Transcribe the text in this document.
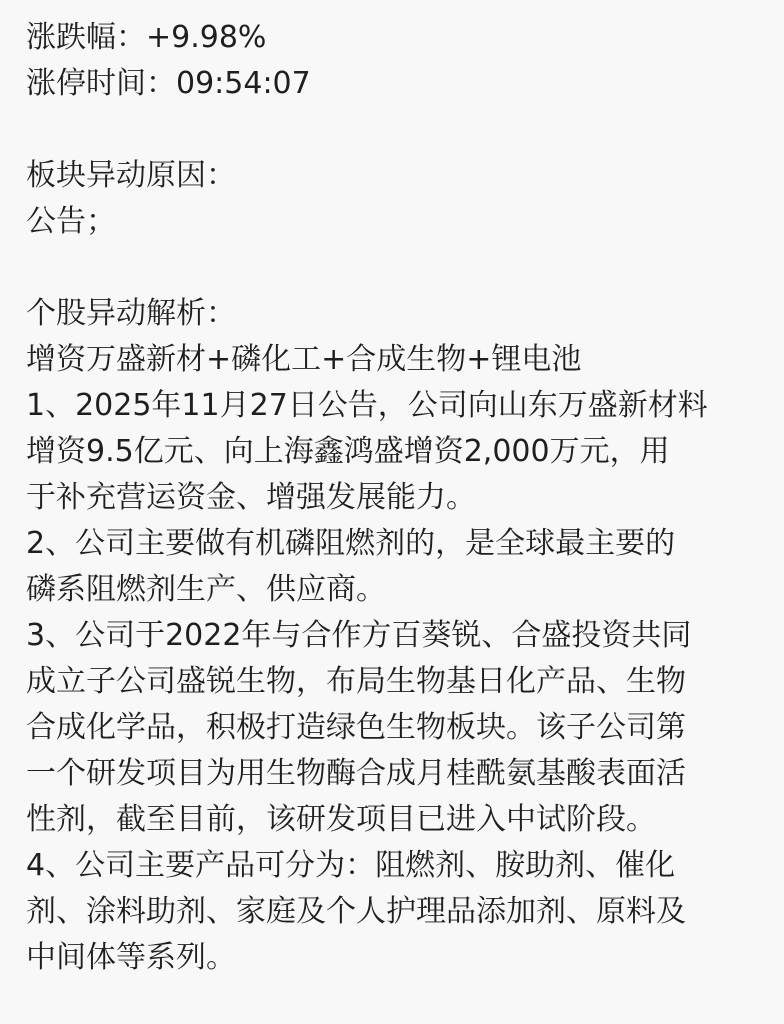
涨跌幅：+9.98%
涨停时间：09:54:07
板块异动原因：
公告；
个股异动解析：
增资万盛新材+磷化工+合成生物+锂电池
1、2025年11月27日公告，公司向山东万盛新材料
增资9.5亿元、向上海鑫鸿盛增资2,000万元，用
于补充营运资金、增强发展能力。
2、公司主要做有机磷阻燃剂的，是全球最主要的
磷系阻燃剂生产、供应商。
3、公司于2022年与合作方百葵锐、合盛投资共同
成立子公司盛锐生物，布局生物基日化产品、生物
合成化学品，积极打造绿色生物板块。该子公司第
一个研发项目为用生物酶合成月桂酰氨基酸表面活
性剂，截至目前，该研发项目已进入中试阶段。
4、公司主要产品可分为：阻燃剂、胺助剂、催化
剂、涂料助剂、家庭及个人护理品添加剂、原料及
中间体等系列。
